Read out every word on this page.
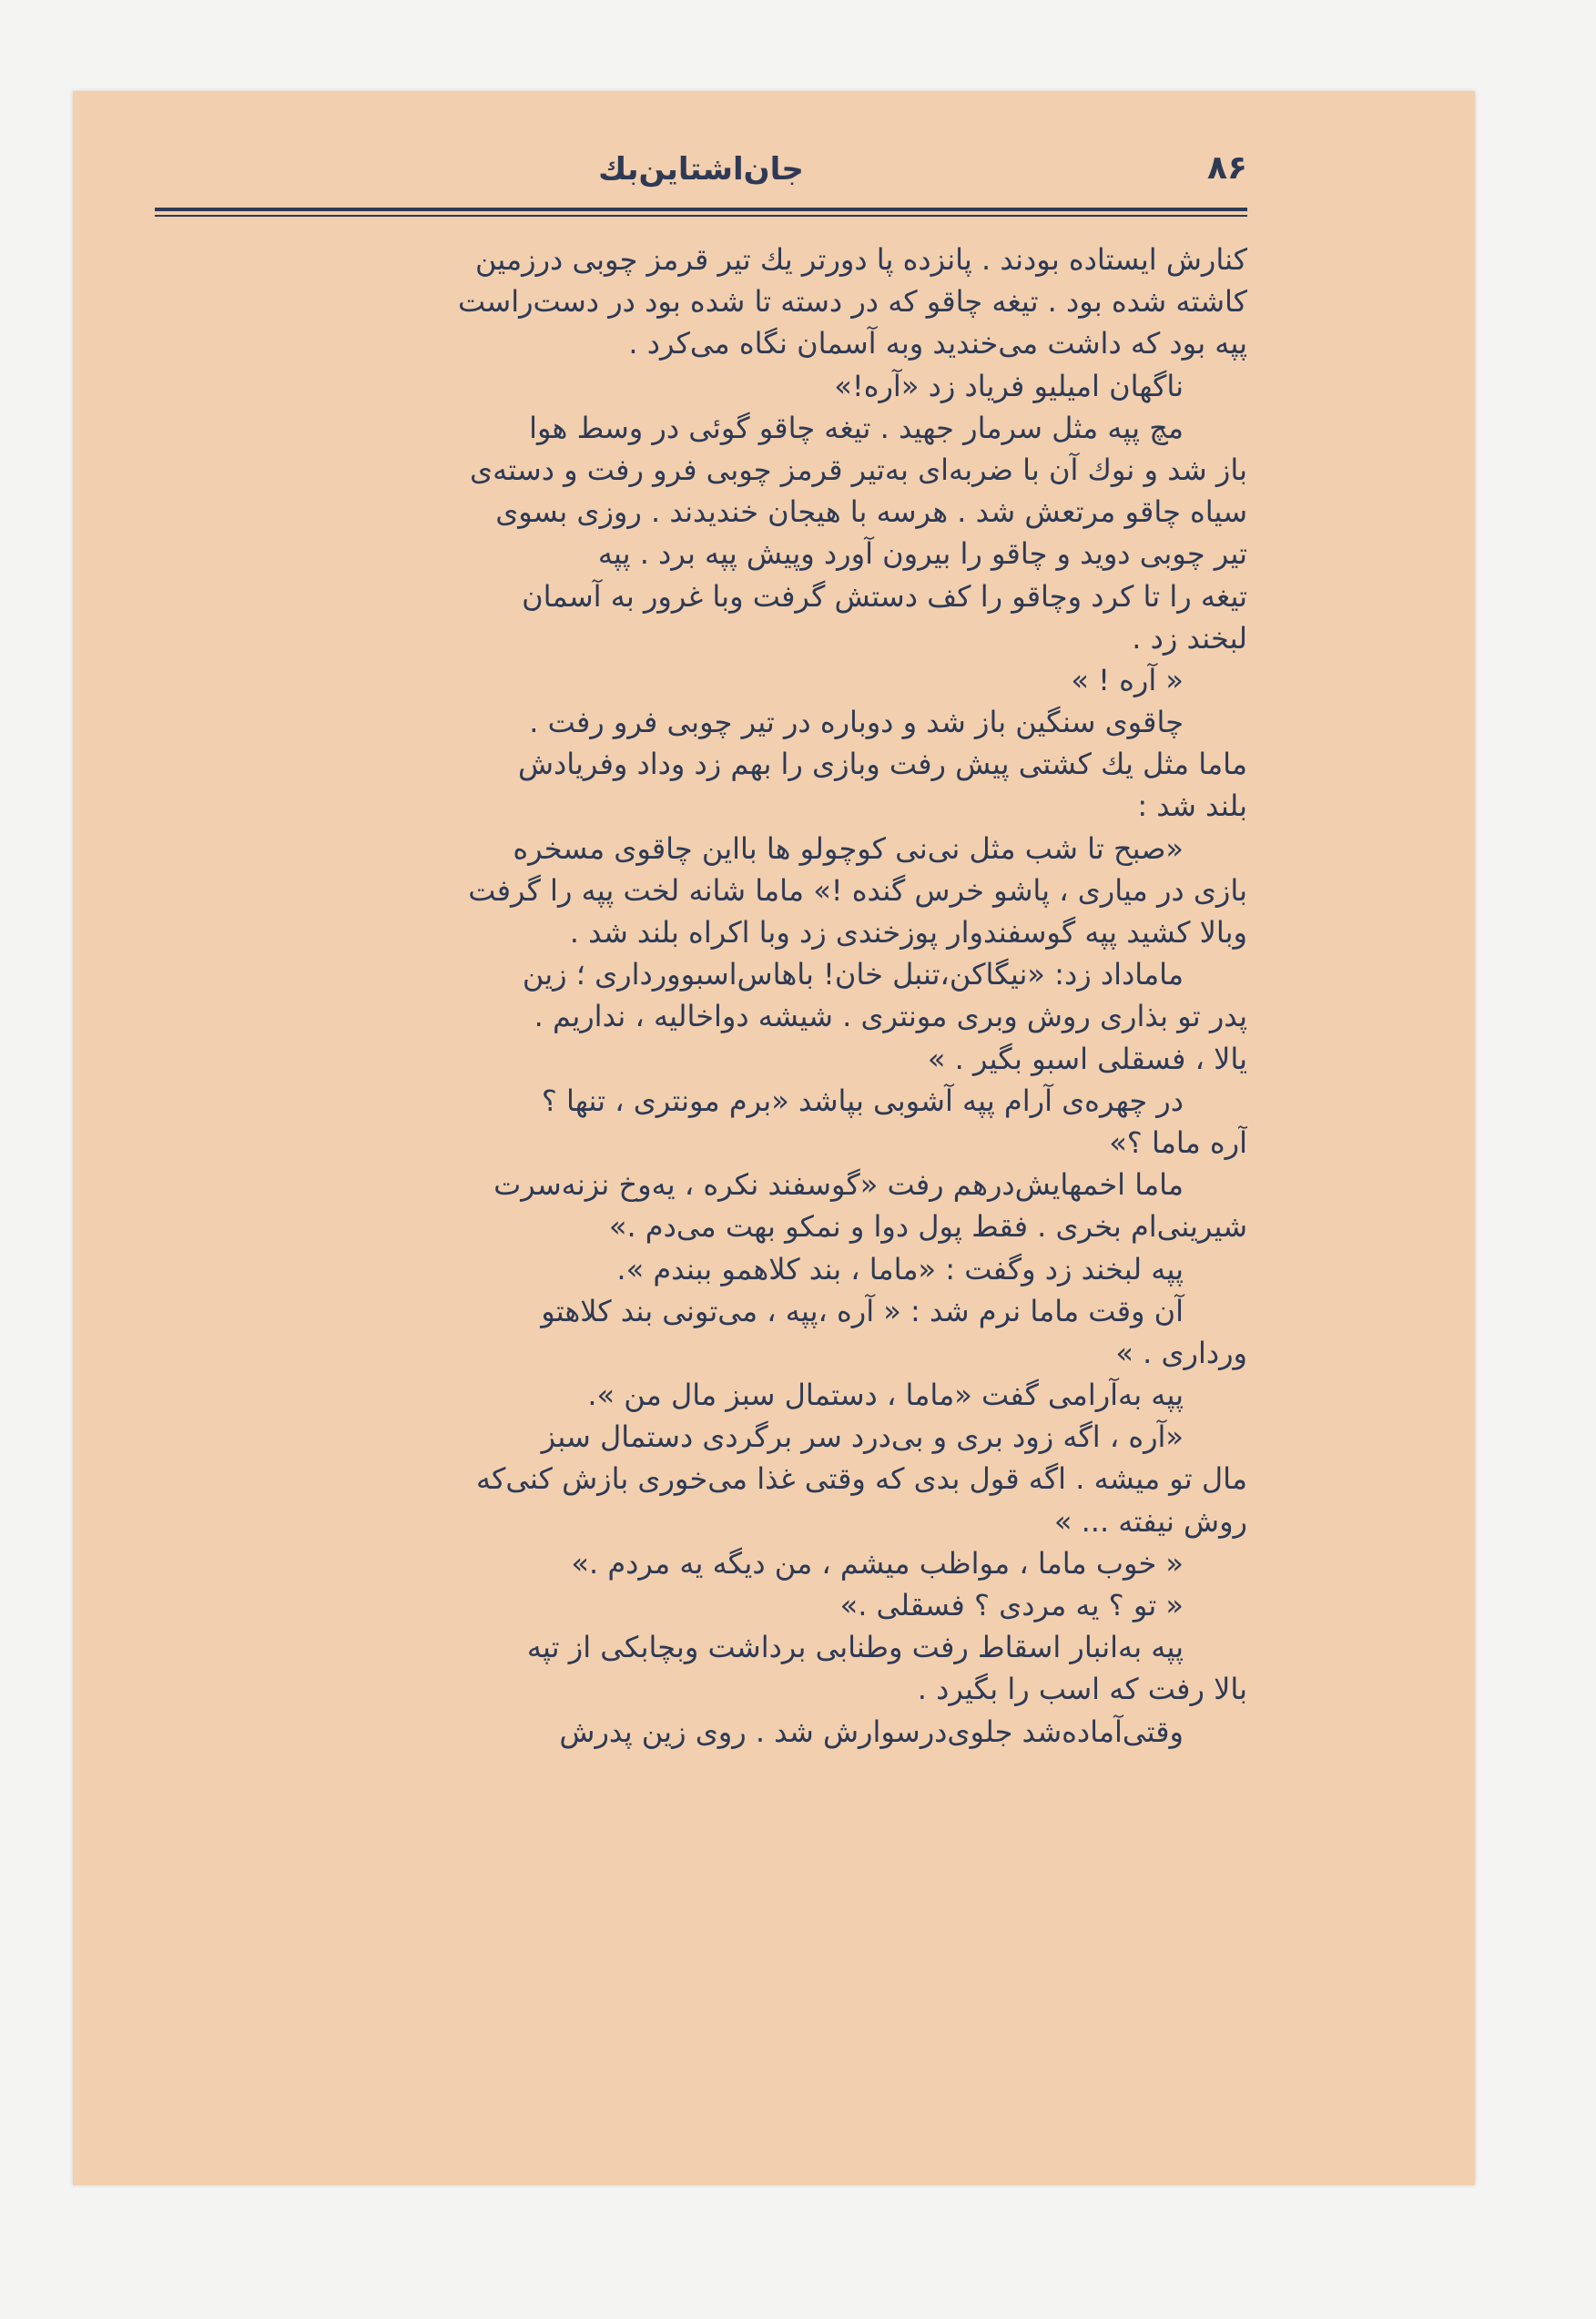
جان‌اشتاین‌بك	۸۶
کنارش ایستاده بودند . پانزده پا دورتر یك تیر قرمز چوبی درزمین
کاشته شده بود . تیغه چاقو که در دسته تا شده بود در دست‌راست
پپه بود که داشت می‌خندید وبه آسمان نگاه می‌کرد .
ناگهان امیلیو فریاد زد «آره!»
مچ پپه مثل سرمار جهید . تیغه چاقو گوئی در وسط هوا
باز شد و نوك آن با ضربه‌ای به‌تیر قرمز چوبی فرو رفت و دسته‌ی
سیاه چاقو مرتعش شد . هرسه با هیجان خندیدند . روزی بسوی
تیر چوبی دوید و چاقو را بیرون آورد وپیش پپه برد . پپه
تیغه را تا کرد وچاقو را کف دستش گرفت وبا غرور به آسمان
لبخند زد .
« آره ! »
چاقوی سنگین باز شد و دوباره در تیر چوبی فرو رفت .
ماما مثل یك کشتی پیش رفت وبازی را بهم زد وداد وفریادش
بلند شد :
«صبح تا شب مثل نی‌نی کوچولو ها بااین چاقوی مسخره
بازی در میاری ، پاشو خرس گنده !» ماما شانه لخت پپه را گرفت
وبالا کشید پپه گوسفندوار پوزخندی زد وبا اکراه بلند شد .
ماماداد زد: «نیگاکن،تنبل خان! باهاس‌اسبو‌ورداری ؛ زین
پدر تو بذاری روش وبری مونتری . شیشه دواخالیه ، نداریم .
یالا ، فسقلی اسبو بگیر . »
در چهره‌ی آرام پپه آشوبی بپاشد «برم مونتری ، تنها ؟
آره ماما ؟»
ماما اخمهایش‌درهم رفت «گوسفند نکره ، یه‌وخ نزنه‌سرت
شیرینی‌ام بخری . فقط پول دوا و نمکو بهت می‌دم .»
پپه لبخند زد وگفت : «ماما ، بند کلاهمو ببندم ».
آن وقت ماما نرم شد : « آره ،پپه ، می‌تونی بند کلاهتو
ورداری . »
پپه به‌آرامی گفت «ماما ، دستمال سبز مال من ».
«آره ، اگه زود بری و بی‌درد سر برگردی دستمال سبز
مال تو میشه . اگه قول بدی که وقتی غذا می‌خوری بازش کنی‌که
روش نیفته ... »
« خوب ماما ، مواظب میشم ، من دیگه یه مردم .»
« تو ؟ یه مردی ؟ فسقلی .»
پپه به‌انبار اسقاط رفت وطنابی برداشت وبچابکی از تپه
بالا رفت که اسب را بگیرد .
وقتی‌آماده‌شد جلوی‌درسوارش شد . روی زین پدرش
